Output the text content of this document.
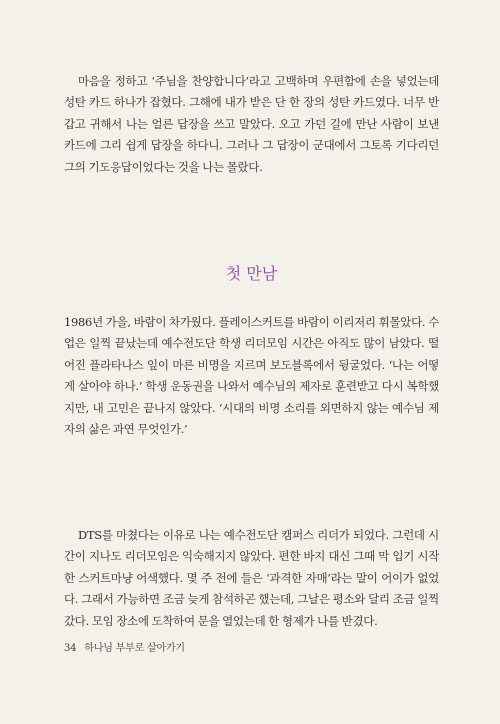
마음을 정하고 ‘주님을 찬양합니다’라고 고백하며 우편함에 손을 넣었는데 성탄 카드 하나가 잡혔다. 그해에 내가 받은 단 한 장의 성탄 카드였다. 너무 반갑고 귀해서 나는 얼른 답장을 쓰고 말았다. 오고 가던 길에 만난 사람이 보낸 카드에 그리 쉽게 답장을 하다니. 그러나 그 답장이 군대에서 그토록 기다리던 그의 기도응답이었다는 것을 나는 몰랐다.

첫 만남

1986년 가을, 바람이 차가웠다. 플레이스커트를 바람이 이리저리 휘몰았다. 수업은 일찍 끝났는데 예수전도단 학생 리더모임 시간은 아직도 많이 남았다. 떨어진 플라타나스 잎이 마른 비명을 지르며 보도블록에서 뒹굴었다. ‘나는 어떻게 살아야 하나.’ 학생 운동권을 나와서 예수님의 제자로 훈련받고 다시 복학했지만, 내 고민은 끝나지 않았다. ‘시대의 비명 소리를 외면하지 않는 예수님 제자의 삶은 과연 무엇인가.’

DTS를 마쳤다는 이유로 나는 예수전도단 캠퍼스 리더가 되었다. 그런데 시간이 지나도 리더모임은 익숙해지지 않았다. 편한 바지 대신 그때 막 입기 시작한 스커트마냥 어색했다. 몇 주 전에 들은 ‘과격한 자매’라는 말이 어이가 없었다. 그래서 가능하면 조금 늦게 참석하곤 했는데, 그날은 평소와 달리 조금 일찍 갔다. 모임 장소에 도착하여 문을 열었는데 한 형제가 나를 반겼다.

34 하나님 부부로 살아가기
